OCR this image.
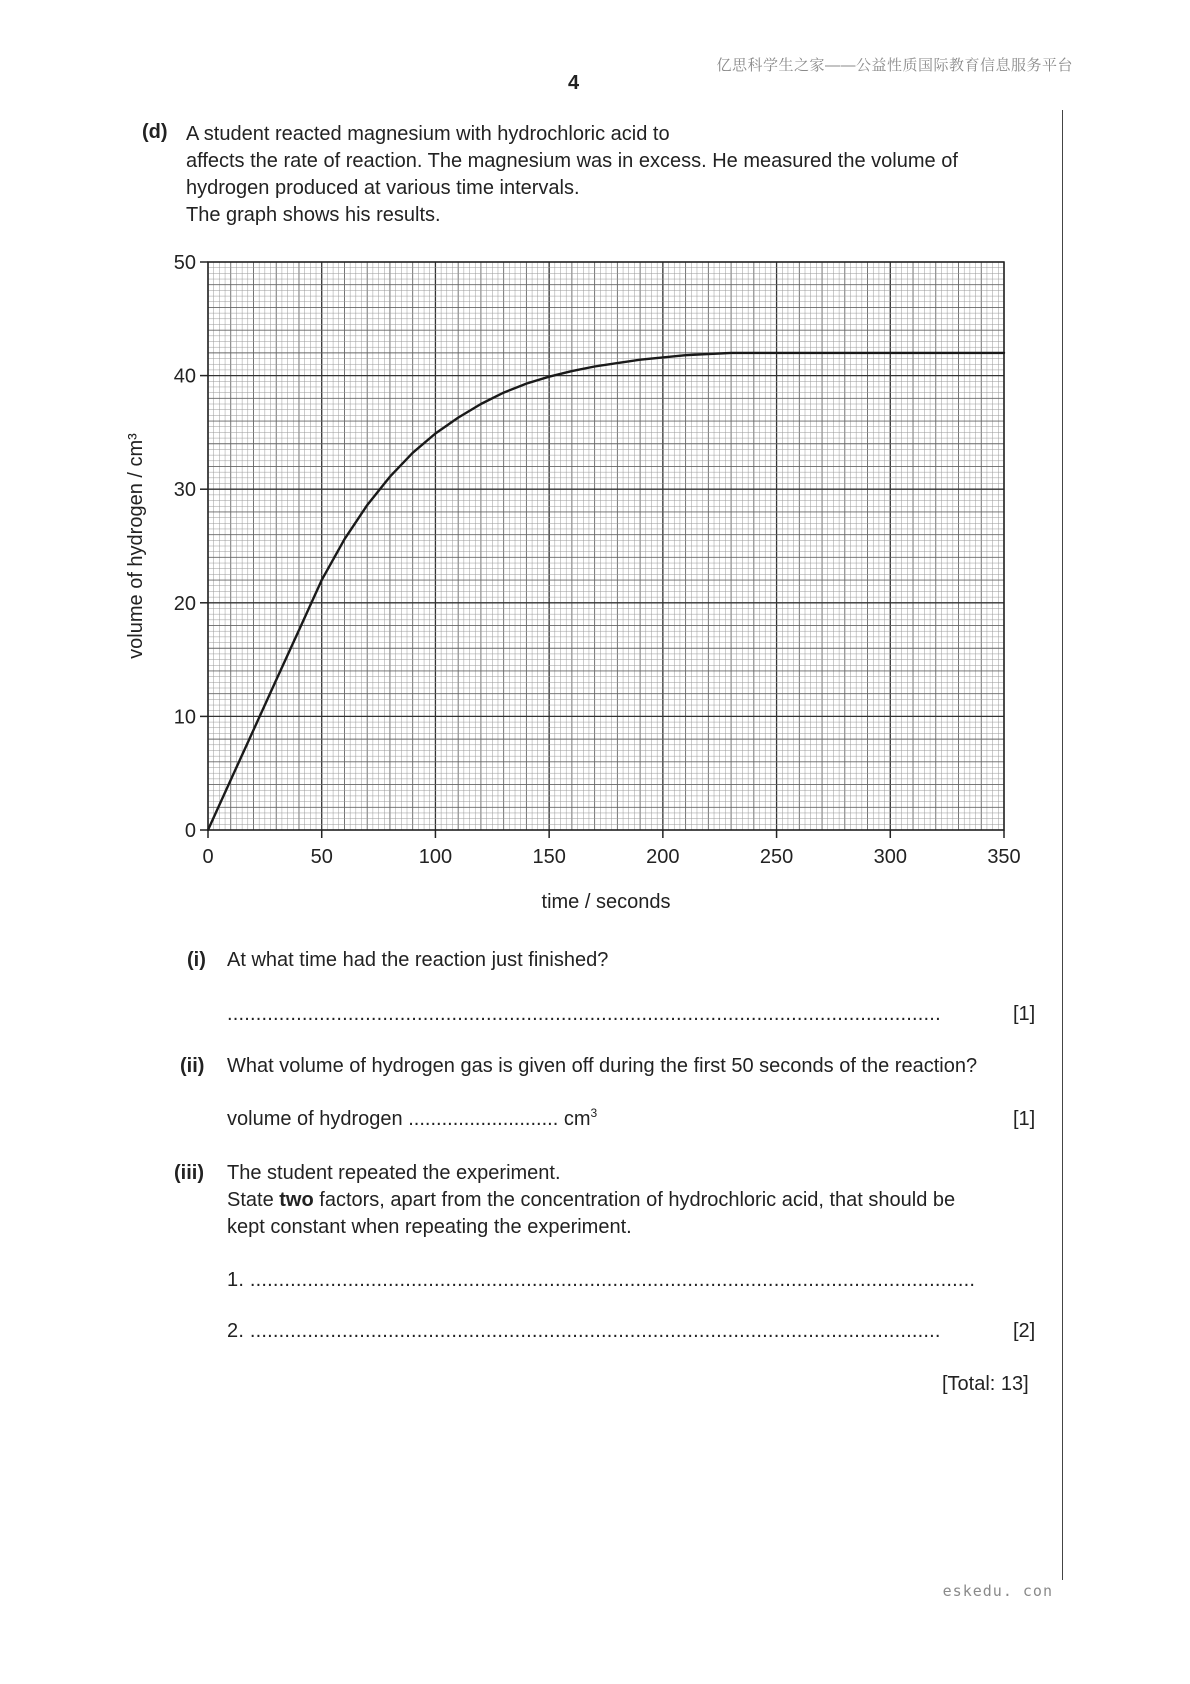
亿思科学生之家——公益性质国际教育信息服务平台
4
(d) A student reacted magnesium with hydrochloric acid to
affects the rate of reaction. The magnesium was in excess. He measured the volume of
hydrogen produced at various time intervals.
The graph shows his results.
0	50	100	150	200	250	300	350
0
10
20
30
40
50
time / seconds
volume of hydrogen / cm³
(i) At what time had the reaction just finished?
............................................................................................................................	[1]
(ii) What volume of hydrogen gas is given off during the first 50 seconds of the reaction?
volume of hydrogen ........................... $cm^3$	[1]
(iii) The student repeated the experiment.
State two factors, apart from the concentration of hydrochloric acid, that should be
kept constant when repeating the experiment.
1. ..............................................................................................................................
2. ........................................................................................................................	[2]
[Total: 13]
eskedu. con
